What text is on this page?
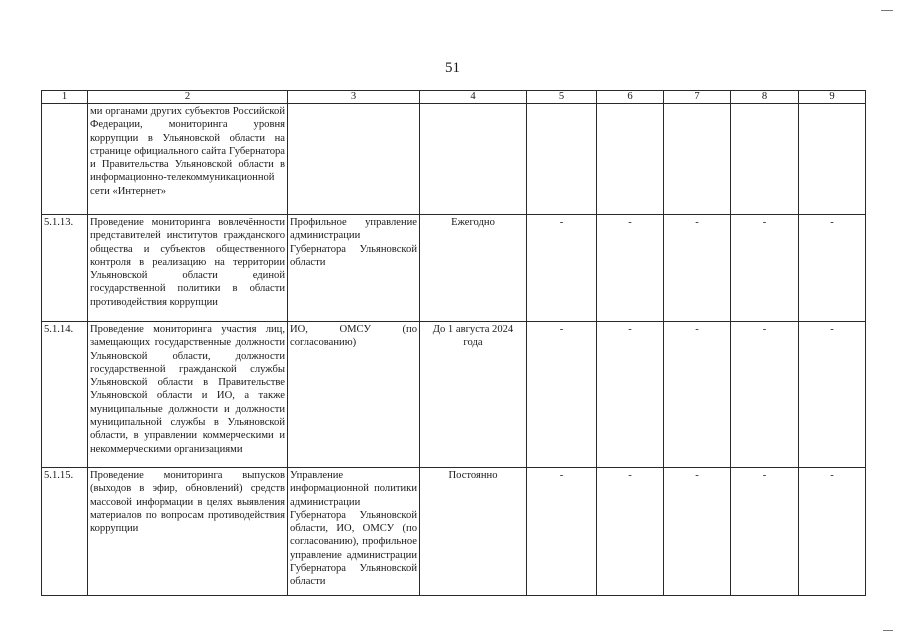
51
1	2	3	4	5	6	7	8	9
	ми органами других субъектов Российской Федерации, мониторинга уровня коррупции в Ульяновской области на странице официального сайта Губернатора и Правительства Ульяновской области в информационно-телекоммуникационной сети «Интернет»							
5.1.13.	Проведение мониторинга вовлечённости представителей институтов гражданского общества и субъектов общественного контроля в реализацию на территории Ульяновской области единой государственной политики в области противодействия коррупции	Профильное управление администрации Губернатора Ульяновской области	Ежегодно	-	-	-	-	-
5.1.14.	Проведение мониторинга участия лиц, замещающих государственные должности Ульяновской области, должности государственной гражданской службы Ульяновской области в Правительстве Ульяновской области и ИО, а также муниципальные должности и должности муниципальной службы в Ульяновской области, в управлении коммерческими и некоммерческими организациями	ИО, ОМСУ (по согласованию)	До 1 августа 2024 года	-	-	-	-	-
5.1.15.	Проведение мониторинга выпусков (выходов в эфир, обновлений) средств массовой информации в целях выявления материалов по вопросам противодействия коррупции	Управление информационной политики администрации Губернатора Ульяновской области, ИО, ОМСУ (по согласованию), профильное управление администрации Губернатора Ульяновской области	Постоянно	-	-	-	-	-
